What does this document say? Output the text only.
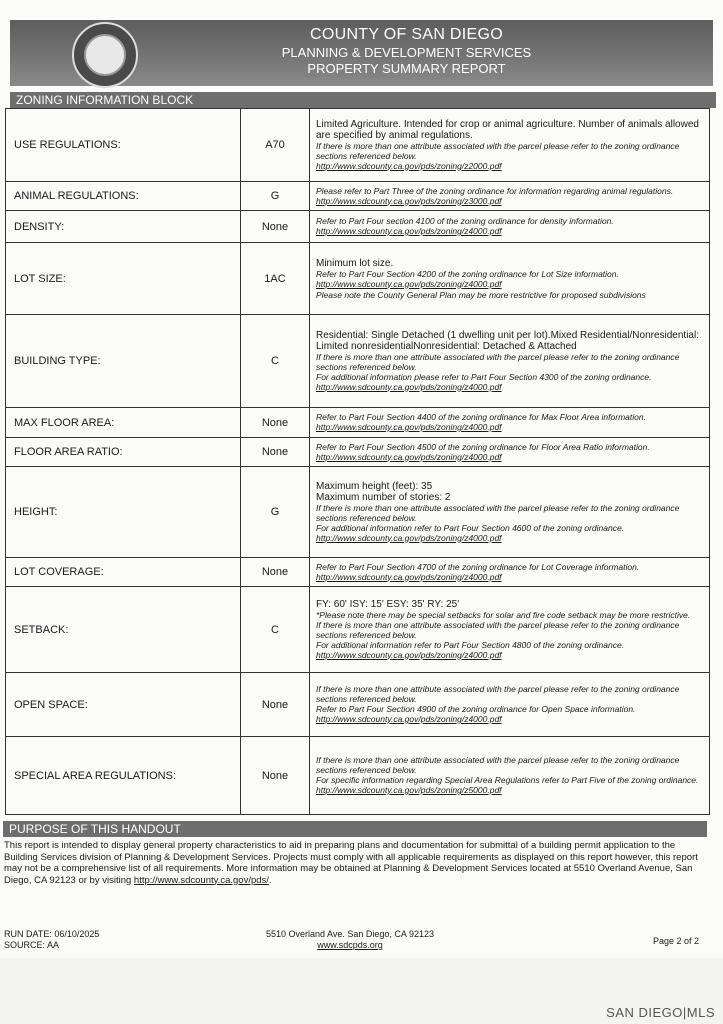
COUNTY OF SAN DIEGO
PLANNING & DEVELOPMENT SERVICES
PROPERTY SUMMARY REPORT
ZONING INFORMATION BLOCK
USE REGULATIONS:	A70	Limited Agriculture. Intended for crop or animal agriculture. Number of animals allowed are specified by animal regulations.
If there is more than one attribute associated with the parcel please refer to the zoning ordinance sections referenced below.
http://www.sdcounty.ca.gov/pds/zoning/z2000.pdf

ANIMAL REGULATIONS:	G	Please refer to Part Three of the zoning ordinance for information regarding animal regulations.
http://www.sdcounty.ca.gov/pds/zoning/z3000.pdf

DENSITY:	None	Refer to Part Four section 4100 of the zoning ordinance for density information.
http://www.sdcounty.ca.gov/pds/zoning/z4000.pdf

LOT SIZE:	1AC	Minimum lot size.
Refer to Part Four Section 4200 of the zoning ordinance for Lot Size information.
http://www.sdcounty.ca.gov/pds/zoning/z4000.pdf
Please note the County General Plan may be more restrictive for proposed subdivisions

BUILDING TYPE:	C	Residential: Single Detached (1 dwelling unit per lot).Mixed Residential/Nonresidential: Limited nonresidentialNonresidential: Detached & Attached
If there is more than one attribute associated with the parcel please refer to the zoning ordinance sections referenced below.
For additional information please refer to Part Four Section 4300 of the zoning ordinance.
http://www.sdcounty.ca.gov/pds/zoning/z4000.pdf

MAX FLOOR AREA:	None	Refer to Part Four Section 4400 of the zoning ordinance for Max Floor Area information.
http://www.sdcounty.ca.gov/pds/zoning/z4000.pdf

FLOOR AREA RATIO:	None	Refer to Part Four Section 4500 of the zoning ordinance for Floor Area Ratio information.
http://www.sdcounty.ca.gov/pds/zoning/z4000.pdf

HEIGHT:	G	Maximum height (feet): 35
Maximum number of stories: 2
If there is more than one attribute associated with the parcel please refer to the zoning ordinance sections referenced below.
For additional information refer to Part Four Section 4600 of the zoning ordinance.
http://www.sdcounty.ca.gov/pds/zoning/z4000.pdf

LOT COVERAGE:	None	Refer to Part Four Section 4700 of the zoning ordinance for Lot Coverage information.
http://www.sdcounty.ca.gov/pds/zoning/z4000.pdf

SETBACK:	C	FY: 60' ISY: 15' ESY: 35' RY: 25'
*Please note there may be special setbacks for solar and fire code setback may be more restrictive.
If there is more than one attribute associated with the parcel please refer to the zoning ordinance sections referenced below.
For additional information refer to Part Four Section 4800 of the zoning ordinance.
http://www.sdcounty.ca.gov/pds/zoning/z4000.pdf

OPEN SPACE:	None	If there is more than one attribute associated with the parcel please refer to the zoning ordinance sections referenced below.
Refer to Part Four Section 4900 of the zoning ordinance for Open Space information.
http://www.sdcounty.ca.gov/pds/zoning/z4000.pdf

SPECIAL AREA REGULATIONS:	None	If there is more than one attribute associated with the parcel please refer to the zoning ordinance sections referenced below.
For specific information regarding Special Area Regulations refer to Part Five of the zoning ordinance.
http://www.sdcounty.ca.gov/pds/zoning/z5000.pdf
PURPOSE OF THIS HANDOUT
This report is intended to display general property characteristics to aid in preparing plans and documentation for submittal of a building permit application to the Building Services division of Planning & Development Services. Projects must comply with all applicable requirements as displayed on this report however, this report may not be a comprehensive list of all requirements. More information may be obtained at Planning & Development Services located at 5510 Overland Avenue, San Diego, CA 92123 or by visiting http://www.sdcounty.ca.gov/pds/.
RUN DATE: 06/10/2025
SOURCE: AA
5510 Overland Ave. San Diego, CA 92123
www.sdcpds.org	Page 2 of 2
SAN DIEGO|MLS
